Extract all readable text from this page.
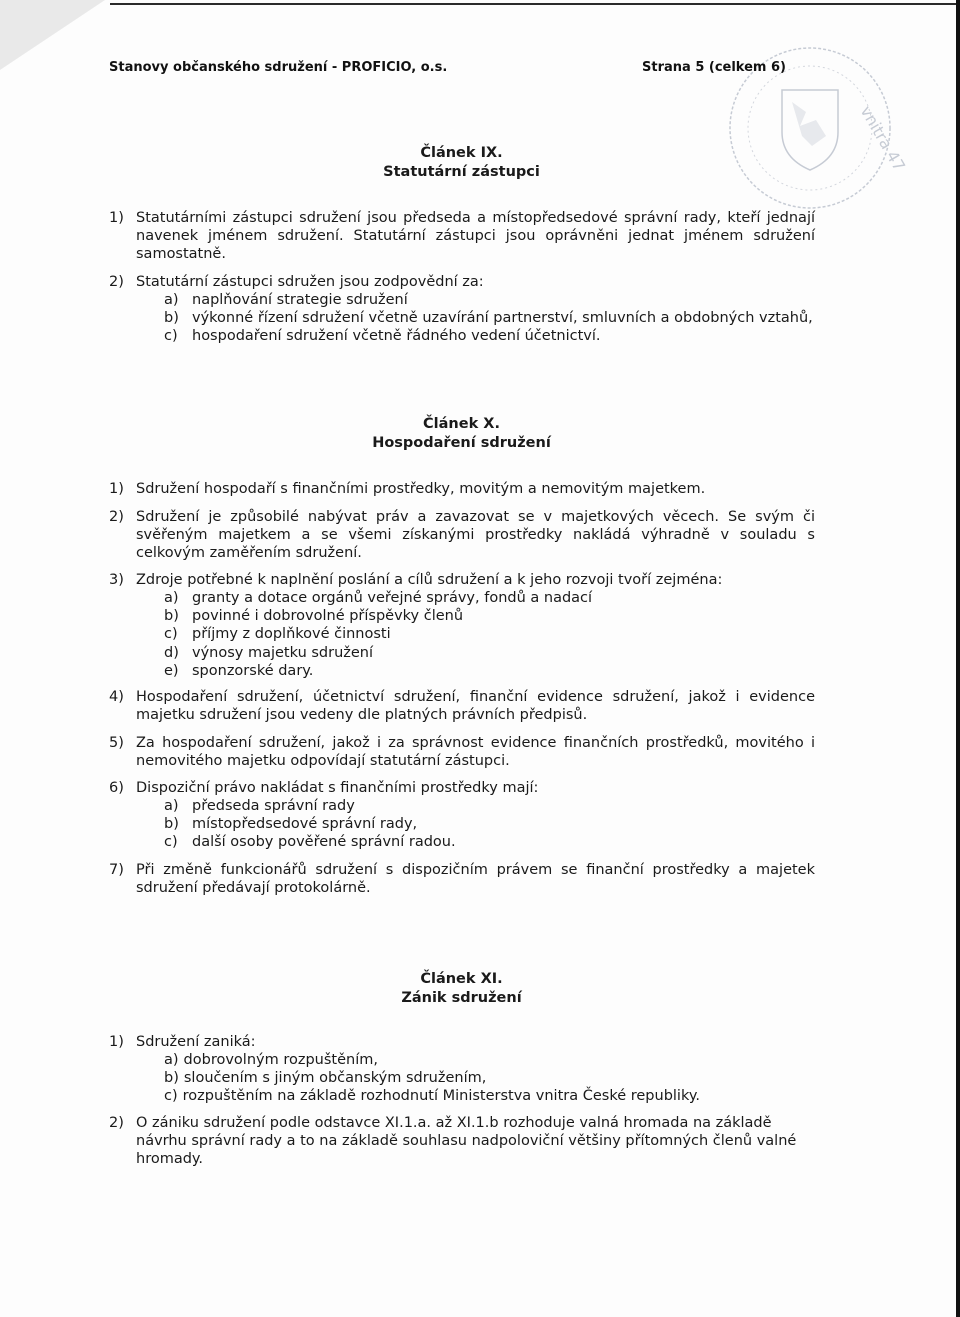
vnitra 47
Stanovy občanského sdružení - PROFICIO, o.s.	Strana 5 (celkem 6)
Článek IX.
Statutární zástupci
1) Statutárními zástupci sdružení jsou předseda a místopředsedové správní rady, kteří jednají navenek jménem sdružení. Statutární zástupci jsou oprávněni jednat jménem sdružení samostatně.
2) Statutární zástupci sdružen jsou zodpovědní za:
a) naplňování strategie sdružení
b) výkonné řízení sdružení včetně uzavírání partnerství, smluvních a obdobných vztahů,
c) hospodaření sdružení včetně řádného vedení účetnictví.
Článek X.
Hospodaření sdružení
1) Sdružení hospodaří s finančními prostředky, movitým a nemovitým majetkem.
2) Sdružení je způsobilé nabývat práv a zavazovat se v majetkových věcech. Se svým či svěřeným majetkem a se všemi získanými prostředky nakládá výhradně v souladu s celkovým zaměřením sdružení.
3) Zdroje potřebné k naplnění poslání a cílů sdružení a k jeho rozvoji tvoří zejména:
a) granty a dotace orgánů veřejné správy, fondů a nadací
b) povinné i dobrovolné příspěvky členů
c) příjmy z doplňkové činnosti
d) výnosy majetku sdružení
e) sponzorské dary.
4) Hospodaření sdružení, účetnictví sdružení, finanční evidence sdružení, jakož i evidence majetku sdružení jsou vedeny dle platných právních předpisů.
5) Za hospodaření sdružení, jakož i za správnost evidence finančních prostředků, movitého i nemovitého majetku odpovídají statutární zástupci.
6) Dispoziční právo nakládat s finančními prostředky mají:
a) předseda správní rady
b) místopředsedové správní rady,
c) další osoby pověřené správní radou.
7) Při změně funkcionářů sdružení s dispozičním právem se finanční prostředky a majetek sdružení předávají protokolárně.
Článek XI.
Zánik sdružení
1) Sdružení zaniká:
a) dobrovolným rozpuštěním,
b) sloučením s jiným občanským sdružením,
c) rozpuštěním na základě rozhodnutí Ministerstva vnitra České republiky.
2) O zániku sdružení podle odstavce XI.1.a. až XI.1.b rozhoduje valná hromada na základě návrhu správní rady a to na základě souhlasu nadpoloviční většiny přítomných členů valné hromady.
